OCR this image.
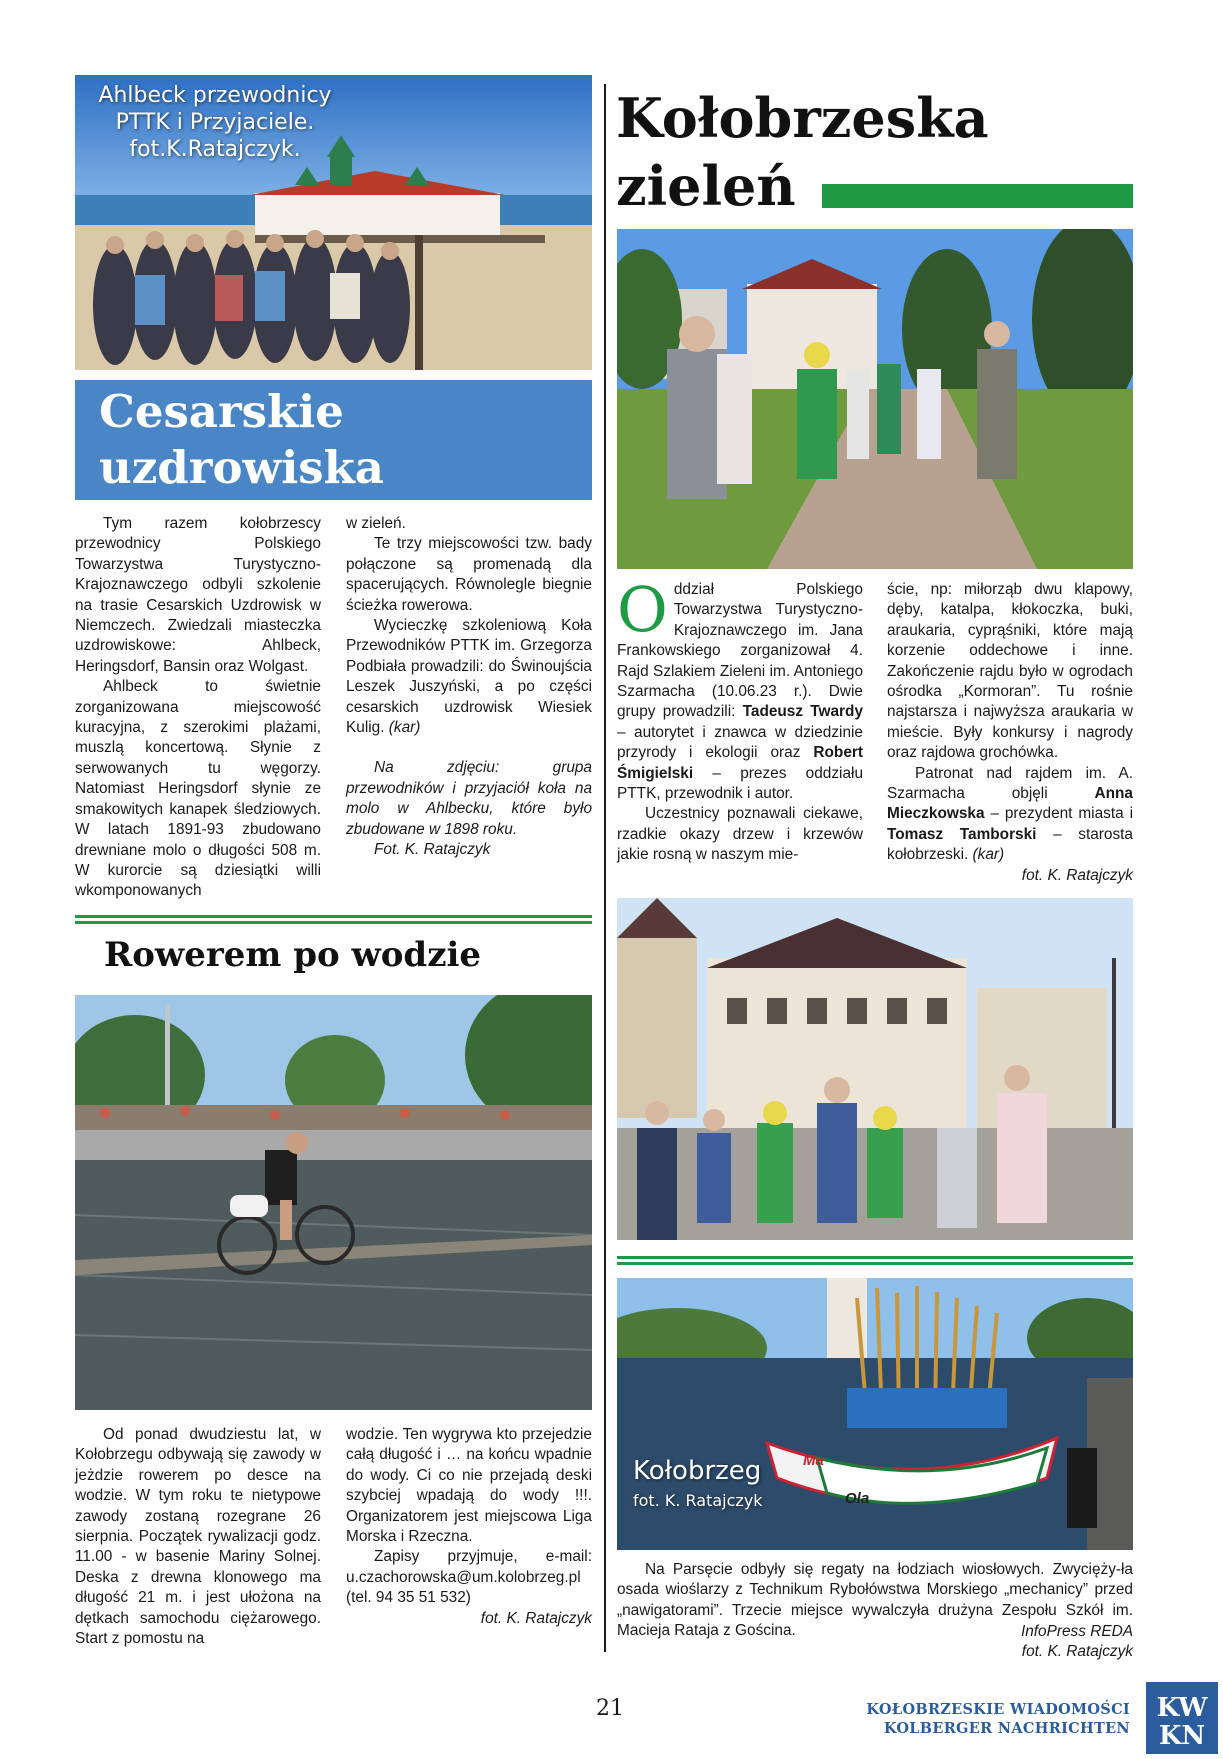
Ahlbeck przewodnicy
PTTK i Przyjaciele.
fot.K.Ratajczyk.
Cesarskie
uzdrowiska

Tym razem kołobrzescy przewodnicy Polskiego Towarzystwa Turystyczno-Krajoznawczego odbyli szkolenie na trasie Cesarskich Uzdrowisk w Niemczech. Zwiedzali miasteczka uzdrowiskowe: Ahlbeck, Heringsdorf, Bansin oraz Wolgast.

Ahlbeck to świetnie zorganizowana miejscowość kuracyjna, z szerokimi plażami, muszlą koncertową. Słynie z serwowanych tu węgorzy. Natomiast Heringsdorf słynie ze smakowitych kanapek śledziowych. W latach 1891-93 zbudowano drewniane molo o długości 508 m. W kurorcie są dziesiątki willi wkomponowanych

w zieleń.

Te trzy miejscowości tzw. bady połączone są promenadą dla spacerujących. Równolegle biegnie ścieżka rowerowa.

Wycieczkę szkoleniową Koła Przewodników PTTK im. Grzegorza Podbiała prowadzili: do Świnoujścia Leszek Juszyński, a po części cesarskich uzdrowisk Wiesiek Kulig. (kar)

Na zdjęciu: grupa przewodników i przyjaciół koła na molo w Ahlbecku, które było zbudowane w 1898 roku.

Fot. K. Ratajczyk

Rowerem po wodzie

Od ponad dwudziestu lat, w Kołobrzegu odbywają się zawody w jeżdzie rowerem po desce na wodzie. W tym roku te nietypowe zawody zostaną rozegrane 26 sierpnia. Początek rywalizacji godz. 11.00 - w basenie Mariny Solnej. Deska z drewna klonowego ma długość 21 m. i jest ułożona na dętkach samochodu ciężarowego. Start z pomostu na

wodzie. Ten wygrywa kto przejedzie całą długość i … na końcu wpadnie do wody. Ci co nie przejadą deski szybciej wpadają do wody !!!. Organizatorem jest miejscowa Liga Morska i Rzeczna.

Zapisy przyjmuje, e-mail: u.czachorowska@um.kolobrzeg.pl (tel. 94 35 51 532)

fot. K. Ratajczyk

Kołobrzeska
zieleń

Oddział Polskiego Towarzystwa Turystyczno-Krajoznawczego im. Jana Frankowskiego zorganizował 4. Rajd Szlakiem Zieleni im. Antoniego Szarmacha (10.06.23 r.). Dwie grupy prowadzili: Tadeusz Twardy – autorytet i znawca w dziedzinie przyrody i ekologii oraz Robert Śmigielski – prezes oddziału PTTK, przewodnik i autor.

Uczestnicy poznawali ciekawe, rzadkie okazy drzew i krzewów jakie rosną w naszym mie-

ście, np: miłorząb dwu klapowy, dęby, katalpa, kłokoczka, buki, araukaria, cyprąśniki, które mają korzenie oddechowe i inne. Zakończenie rajdu było w ogrodach ośrodka „Kormoran”. Tu rośnie najstarsza i najwyższa araukaria w mieście. Były konkursy i nagrody oraz rajdowa grochówka.

Patronat nad rajdem im. A. Szarmacha objęli	Anna Mieczkowska – prezydent miasta i Tomasz Tamborski – starosta kołobrzeski. (kar)

fot. K. Ratajczyk

Ma
Ola
Kołobrzeg
fot. K. Ratajczyk

Na Parsęcie odbyły się regaty na łodziach wiosłowych. Zwycięży-ła osada wioślarzy z Technikum Rybołówstwa Morskiego „mechanicy” przed „nawigatorami”. Trzecie miejsce wywalczyła drużyna Zespołu Szkół im. Macieja Rataja z Gościna.	InfoPress REDA

fot. K. Ratajczyk

21	KOŁOBRZESKIE WIADOMOŚCI
KOLBERGER NACHRICHTEN
KW
KN
